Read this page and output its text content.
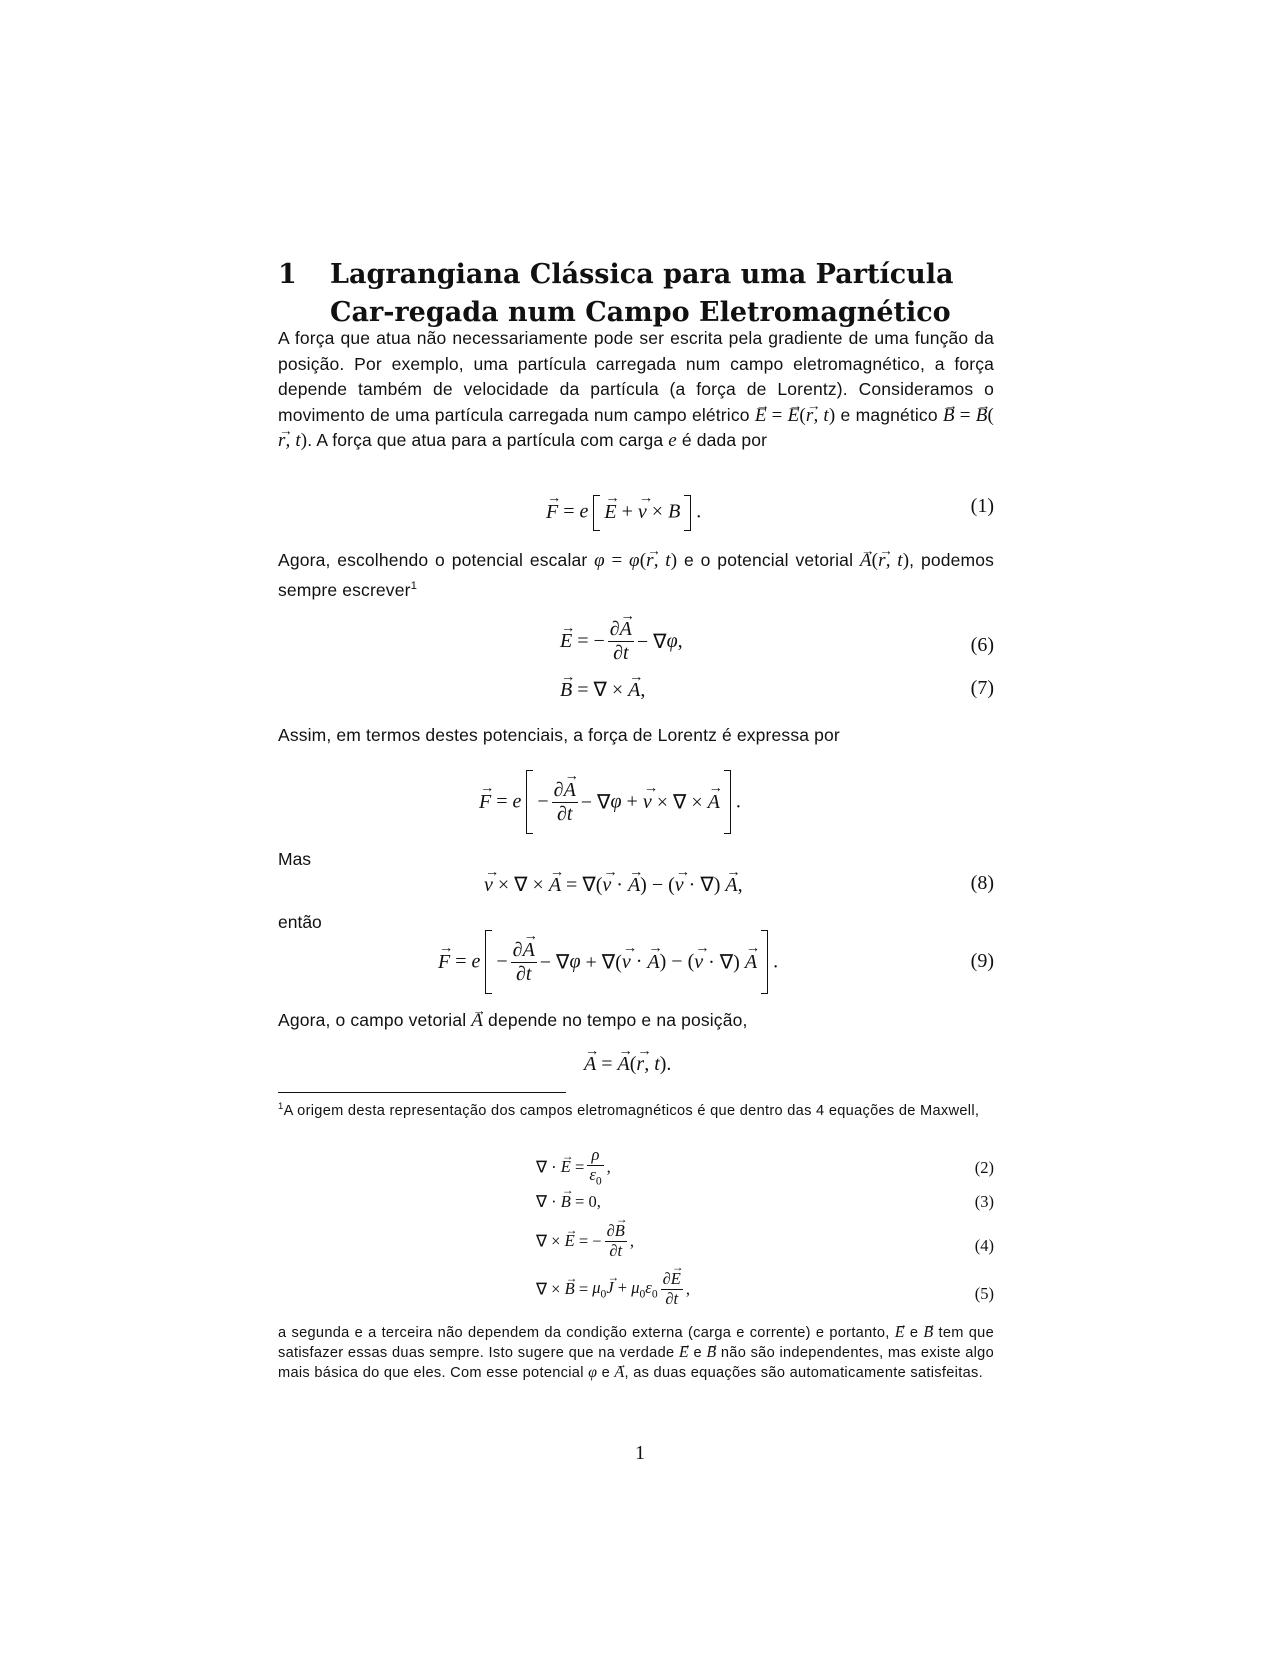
1 Lagrangiana Clássica para uma Partícula Car-regada num Campo Eletromagnético
A força que atua não necessariamente pode ser escrita pela gradiente de uma função da posição. Por exemplo, uma partícula carregada num campo eletromagnético, a força depende também de velocidade da partícula (a força de Lorentz). Consideramos o movimento de uma partícula carregada num campo elétrico → E = → E(→ r, t) e magnético → B = → B(→ r, t). A força que atua para a partícula com carga e é dada por
→ F = e → E + → v × B .	(1)
Agora, escolhendo o potencial escalar φ = φ(→ r, t) e o potencial vetorial → A(→ r, t), podemos sempre escrever$^1$
→ E = − $\frac{\partial\to A}{\partial t} - \nabla\varphi$,	(6)
→ B = ∇ × → A,	(7)
Assim, em termos destes potenciais, a força de Lorentz é expressa por
→ $F = e - \frac{\partial\to A}{\partial t} - \nabla\varphi$ + → v × ∇ × → A .
Mas
→ v × ∇ × → A = ∇(→ v · → A) − (→ v · ∇) → A,	(8)
então
→ $F = e - \frac{\partial\to A}{\partial t} - \nabla\varphi$ + ∇(→ v · → A) − (→ v · ∇) → A .	(9)
Agora, o campo vetorial → A depende no tempo e na posição,
→ A = → A(→ r, t).
$^1$A origem desta representação dos campos eletromagnéticos é que dentro das 4 equações de Maxwell,
∇ · → $E = \frac{\rho}{\varepsilon_0}$ ,	(2)
∇ · → B = 0,	(3)
∇ × → E = − $\frac{\partial\to B}{\partial t}$ ,	(4)
∇ × → $B = \mu_0\to J + \mu_0\varepsilon_0 \frac{\partial\to E}{\partial t}$ ,	(5)
a segunda e a terceira não dependem da condição externa (carga e corrente) e portanto, → E e → B tem que satisfazer essas duas sempre. Isto sugere que na verdade → E e → B não são independentes, mas existe algo mais básica do que eles. Com esse potencial φ e → A, as duas equações são automaticamente satisfeitas.
1
